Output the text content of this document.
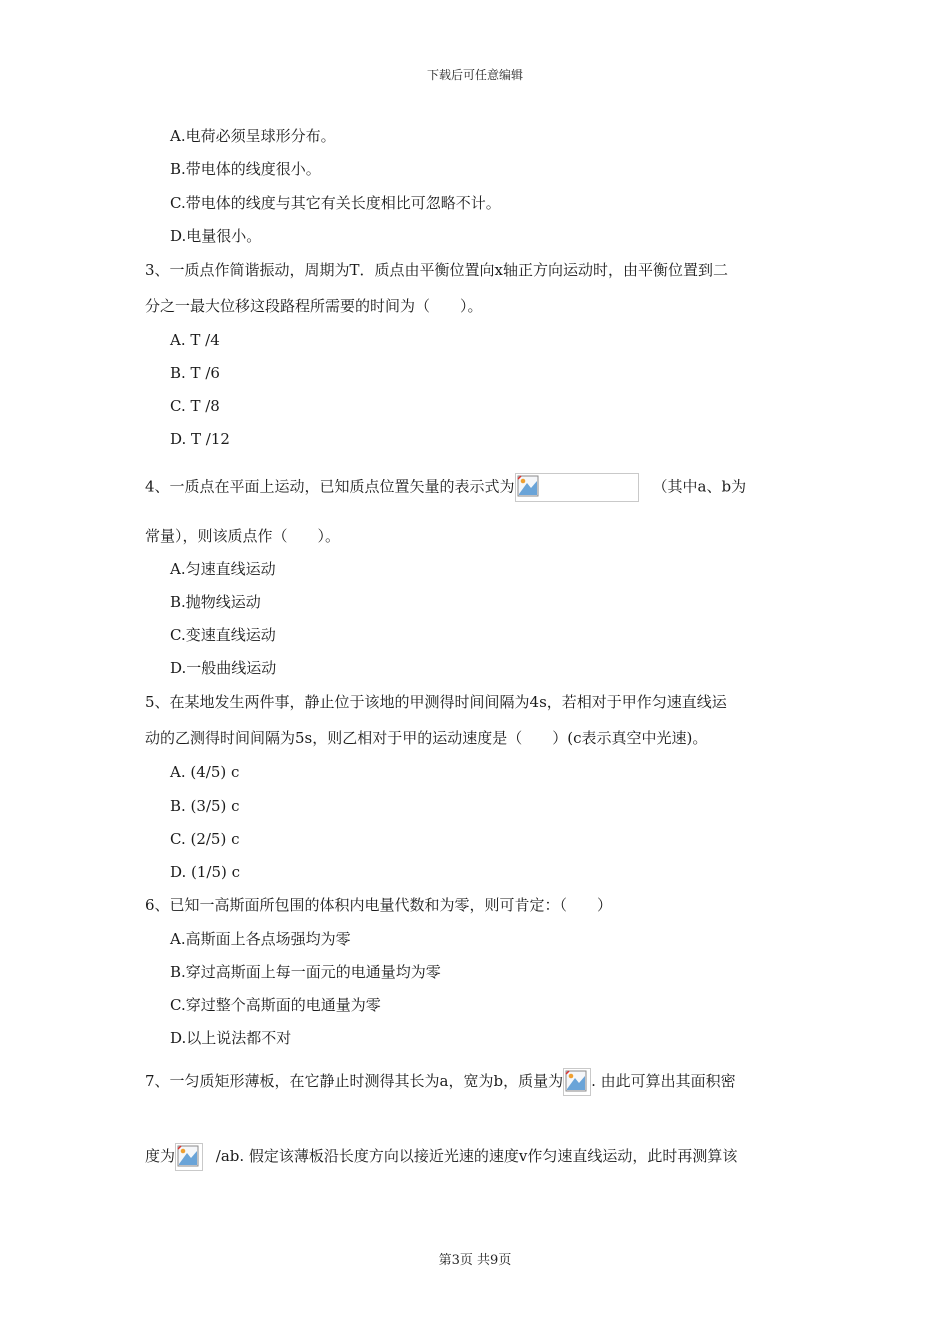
下载后可任意编辑
A.电荷必须呈球形分布。
B.带电体的线度很小。
C.带电体的线度与其它有关长度相比可忽略不计。
D.电量很小。
3、一质点作简谐振动，周期为T．质点由平衡位置向x轴正方向运动时，由平衡位置到二
分之一最大位移这段路程所需要的时间为（　　）。
A. T /4
B. T /6
C. T /8
D. T /12
4、一质点在平面上运动，已知质点位置矢量的表示式为	（其中a、b为
常量），则该质点作（　　）。
A.匀速直线运动
B.抛物线运动
C.变速直线运动
D.一般曲线运动
5、在某地发生两件事，静止位于该地的甲测得时间间隔为4s，若相对于甲作匀速直线运
动的乙测得时间间隔为5s，则乙相对于甲的运动速度是（　　）(c表示真空中光速)。
A. (4/5) c
B. (3/5) c
C. (2/5) c
D. (1/5) c
6、已知一高斯面所包围的体积内电量代数和为零，则可肯定：（　　）
A.高斯面上各点场强均为零
B.穿过高斯面上每一面元的电通量均为零
C.穿过整个高斯面的电通量为零
D.以上说法都不对
7、一匀质矩形薄板，在它静止时测得其长为a，宽为b，质量为 . 由此可算出其面积密
度为
/ab. 假定该薄板沿长度方向以接近光速的速度v作匀速直线运动，此时再测算该
第3页 共9页
